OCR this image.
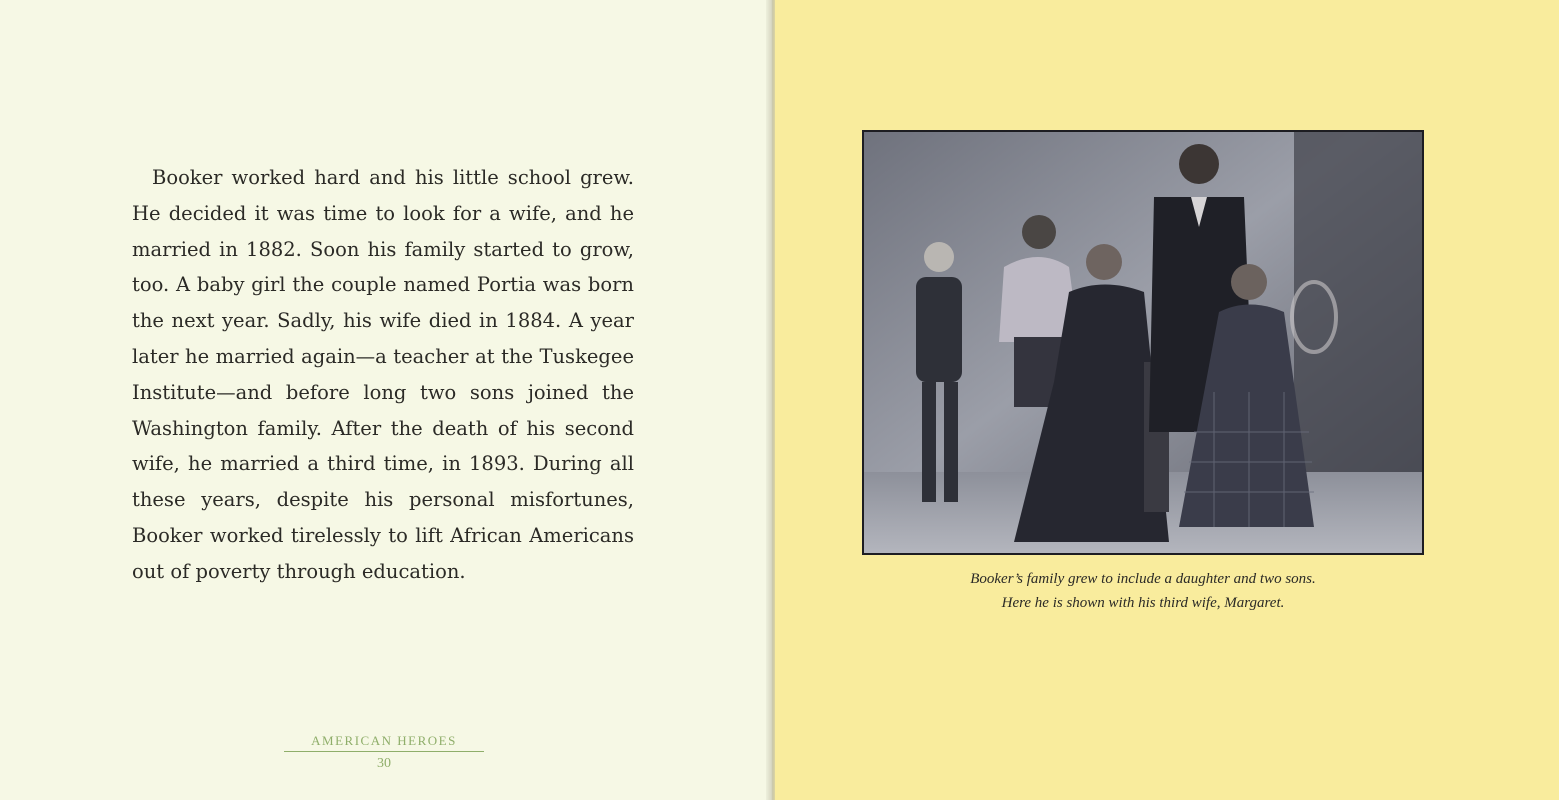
Booker worked hard and his little school grew. He decided it was time to look for a wife, and he married in 1882. Soon his family started to grow, too. A baby girl the couple named Portia was born the next year. Sadly, his wife died in 1884. A year later he married again—a teacher at the Tuskegee Institute—and before long two sons joined the Washington family. After the death of his second wife, he married a third time, in 1893. During all these years, despite his personal misfortunes, Booker worked tirelessly to lift African Americans out of poverty through education.

AMERICAN HEROES
30
Booker’s family grew to include a daughter and two sons.
Here he is shown with his third wife, Margaret.
